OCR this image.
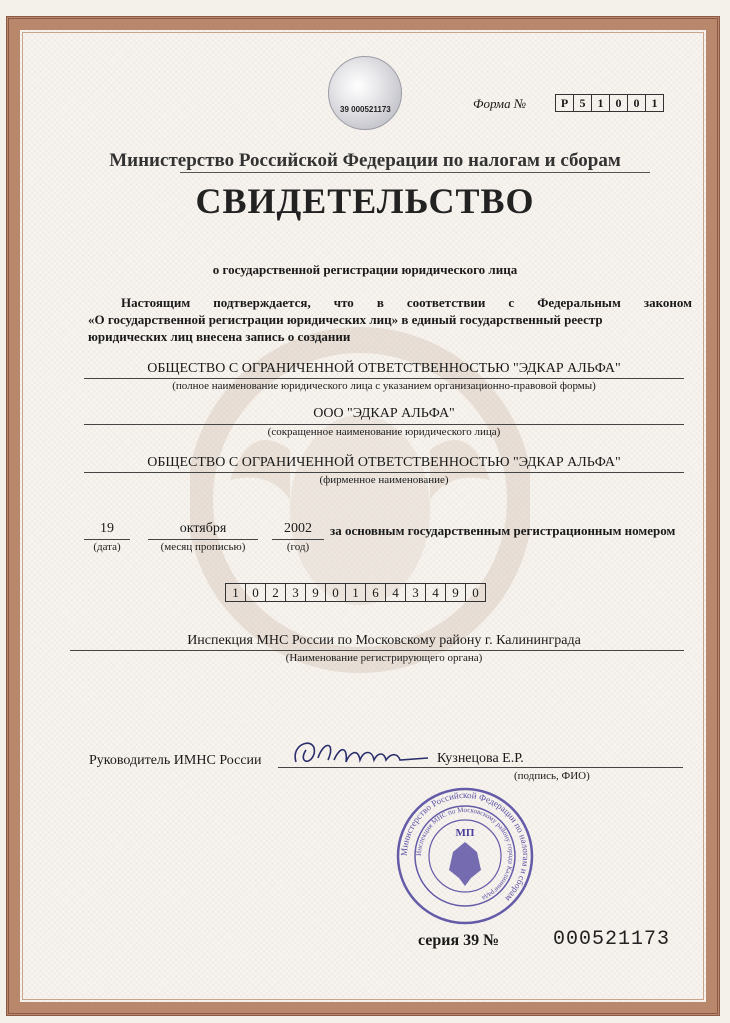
39 000521173	Форма №	Р 5	1	0	0	1
Министерство Российской Федерации по налогам и сборам
СВИДЕТЕЛЬСТВО
о государственной регистрации юридического лица
Настоящим подтверждается, что в соответствии с Федеральным законом
«О государственной регистрации юридических лиц» в единый государственный реестр
юридических лиц внесена запись о создании
ОБЩЕСТВО С ОГРАНИЧЕННОЙ ОТВЕТСТВЕННОСТЬЮ "ЭДКАР АЛЬФА"
(полное наименование юридического лица с указанием организационно-правовой формы)
ООО "ЭДКАР АЛЬФА"
(сокращенное наименование юридического лица)
ОБЩЕСТВО С ОГРАНИЧЕННОЙ ОТВЕТСТВЕННОСТЬЮ "ЭДКАР АЛЬФА"
(фирменное наименование)
19
(дата)
октября
(месяц прописью)
2002
(год)
за основным государственным регистрационным номером
1	0	2	3	9	0	1	6	4	3	4	9	0
Инспекция МНС России по Московскому району г. Калининграда
(Наименование регистрирующего органа)
Руководитель ИМНС России	Кузнецова Е.Р.
(подпись, ФИО)
Министерство Российской Федерации по налогам и сборам
Инспекция МНС по Московскому району города Калининграда
МП
серия 39 №	000521173
